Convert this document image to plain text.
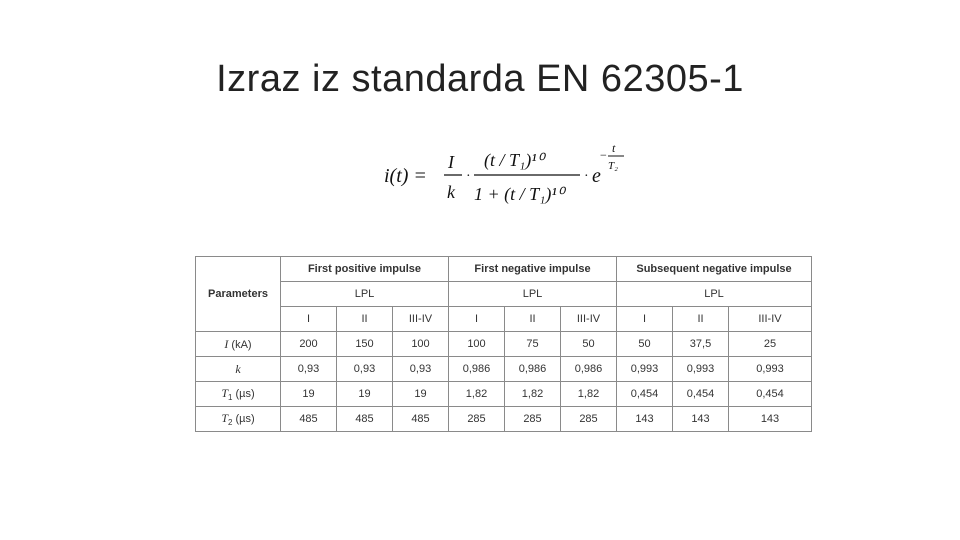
Izraz iz standarda EN 62305-1
i(t) =
I
k
·
(t / T₁)¹⁰
1 + (t / T₁)¹⁰
· e
− t
T₂
Parameters	First positive impulse			First negative impulse			Subsequent negative impulse		
	LPL			LPL			LPL		
	I	II	III-IV	I	II	III-IV	I	II	III-IV
I (kA)	200	150	100	100	75	50	50	37,5	25
k	0,93	0,93	0,93	0,986	0,986	0,986	0,993	0,993	0,993
$T_1$ (µs)	19	19	19	1,82	1,82	1,82	0,454	0,454	0,454
$T_2$ (µs)	485	485	485	285	285	285	143	143	143
